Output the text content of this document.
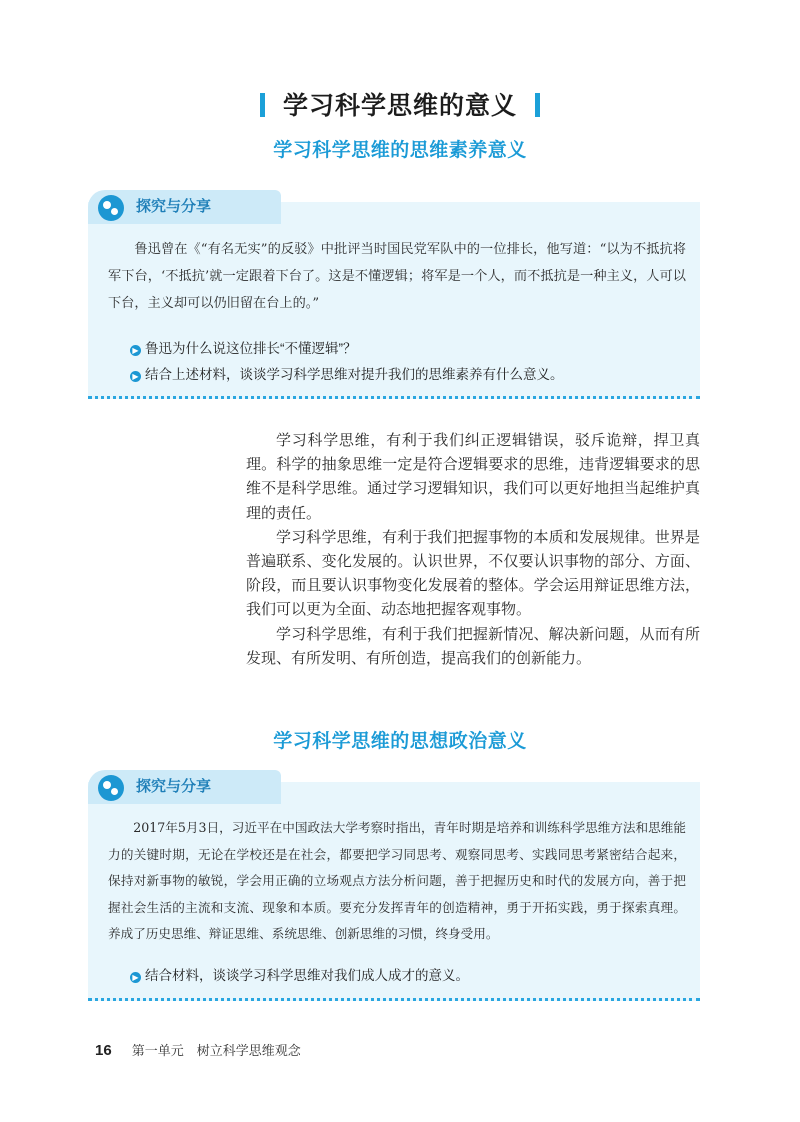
学习科学思维的意义
学习科学思维的思维素养意义
探究与分享
鲁迅曾在《“有名无实”的反驳》中批评当时国民党军队中的一位排长，他写道：“以为不抵抗将军下台，‘不抵抗’就一定跟着下台了。这是不懂逻辑；将军是一个人，而不抵抗是一种主义，人可以下台，主义却可以仍旧留在台上的。”
▶ 鲁迅为什么说这位排长“不懂逻辑”？
▶ 结合上述材料，谈谈学习科学思维对提升我们的思维素养有什么意义。

学习科学思维，有利于我们纠正逻辑错误，驳斥诡辩，捍卫真理。科学的抽象思维一定是符合逻辑要求的思维，违背逻辑要求的思维不是科学思维。通过学习逻辑知识，我们可以更好地担当起维护真理的责任。

学习科学思维，有利于我们把握事物的本质和发展规律。世界是普遍联系、变化发展的。认识世界，不仅要认识事物的部分、方面、阶段，而且要认识事物变化发展着的整体。学会运用辩证思维方法，我们可以更为全面、动态地把握客观事物。

学习科学思维，有利于我们把握新情况、解决新问题，从而有所发现、有所发明、有所创造，提高我们的创新能力。

学习科学思维的思想政治意义
探究与分享
2017年5月3日，习近平在中国政法大学考察时指出，青年时期是培养和训练科学思维方法和思维能力的关键时期，无论在学校还是在社会，都要把学习同思考、观察同思考、实践同思考紧密结合起来，保持对新事物的敏锐，学会用正确的立场观点方法分析问题，善于把握历史和时代的发展方向，善于把握社会生活的主流和支流、现象和本质。要充分发挥青年的创造精神，勇于开拓实践，勇于探索真理。养成了历史思维、辩证思维、系统思维、创新思维的习惯，终身受用。
▶ 结合材料，谈谈学习科学思维对我们成人成才的意义。
16 第一单元　树立科学思维观念
